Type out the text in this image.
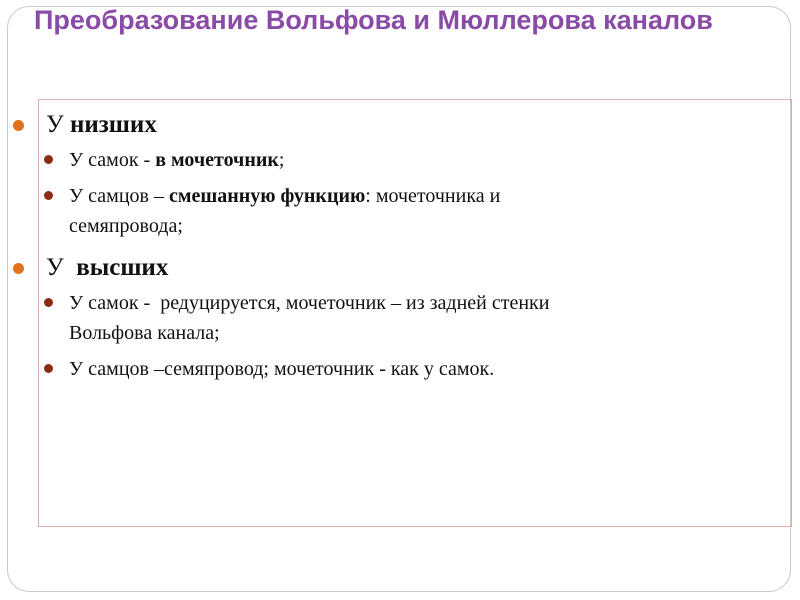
Преобразование Вольфова и Мюллерова каналов

У низших

У самок - в мочеточник;

У самцов – смешанную функцию: мочеточника и
семяпровода;

У  высших

У самок -  редуцируется, мочеточник – из задней стенки
Вольфова канала;

У самцов –семяпровод; мочеточник - как у самок.
